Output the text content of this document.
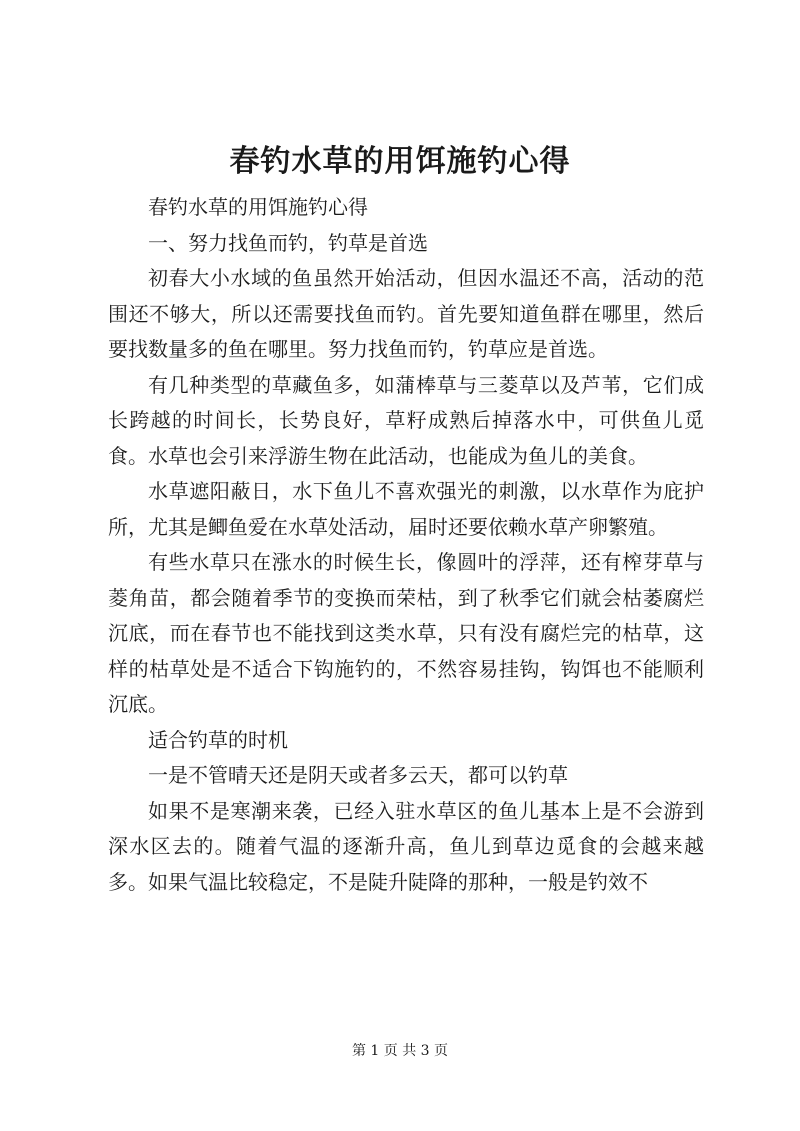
春钓水草的用饵施钓心得

春钓水草的用饵施钓心得

一、努力找鱼而钓，钓草是首选

初春大小水域的鱼虽然开始活动，但因水温还不高，活动的范围还不够大，所以还需要找鱼而钓。首先要知道鱼群在哪里，然后要找数量多的鱼在哪里。努力找鱼而钓，钓草应是首选。

有几种类型的草藏鱼多，如蒲棒草与三菱草以及芦苇，它们成长跨越的时间长，长势良好，草籽成熟后掉落水中，可供鱼儿觅食。水草也会引来浮游生物在此活动，也能成为鱼儿的美食。

水草遮阳蔽日，水下鱼儿不喜欢强光的刺激，以水草作为庇护所，尤其是鲫鱼爱在水草处活动，届时还要依赖水草产卵繁殖。

有些水草只在涨水的时候生长，像圆叶的浮萍，还有榨芽草与菱角苗，都会随着季节的变换而荣枯，到了秋季它们就会枯萎腐烂沉底，而在春节也不能找到这类水草，只有没有腐烂完的枯草，这样的枯草处是不适合下钩施钓的，不然容易挂钩，钩饵也不能顺利沉底。

适合钓草的时机

一是不管晴天还是阴天或者多云天，都可以钓草

如果不是寒潮来袭，已经入驻水草区的鱼儿基本上是不会游到深水区去的。随着气温的逐渐升高，鱼儿到草边觅食的会越来越多。如果气温比较稳定，不是陡升陡降的那种，一般是钓效不

第 1 页 共 3 页
